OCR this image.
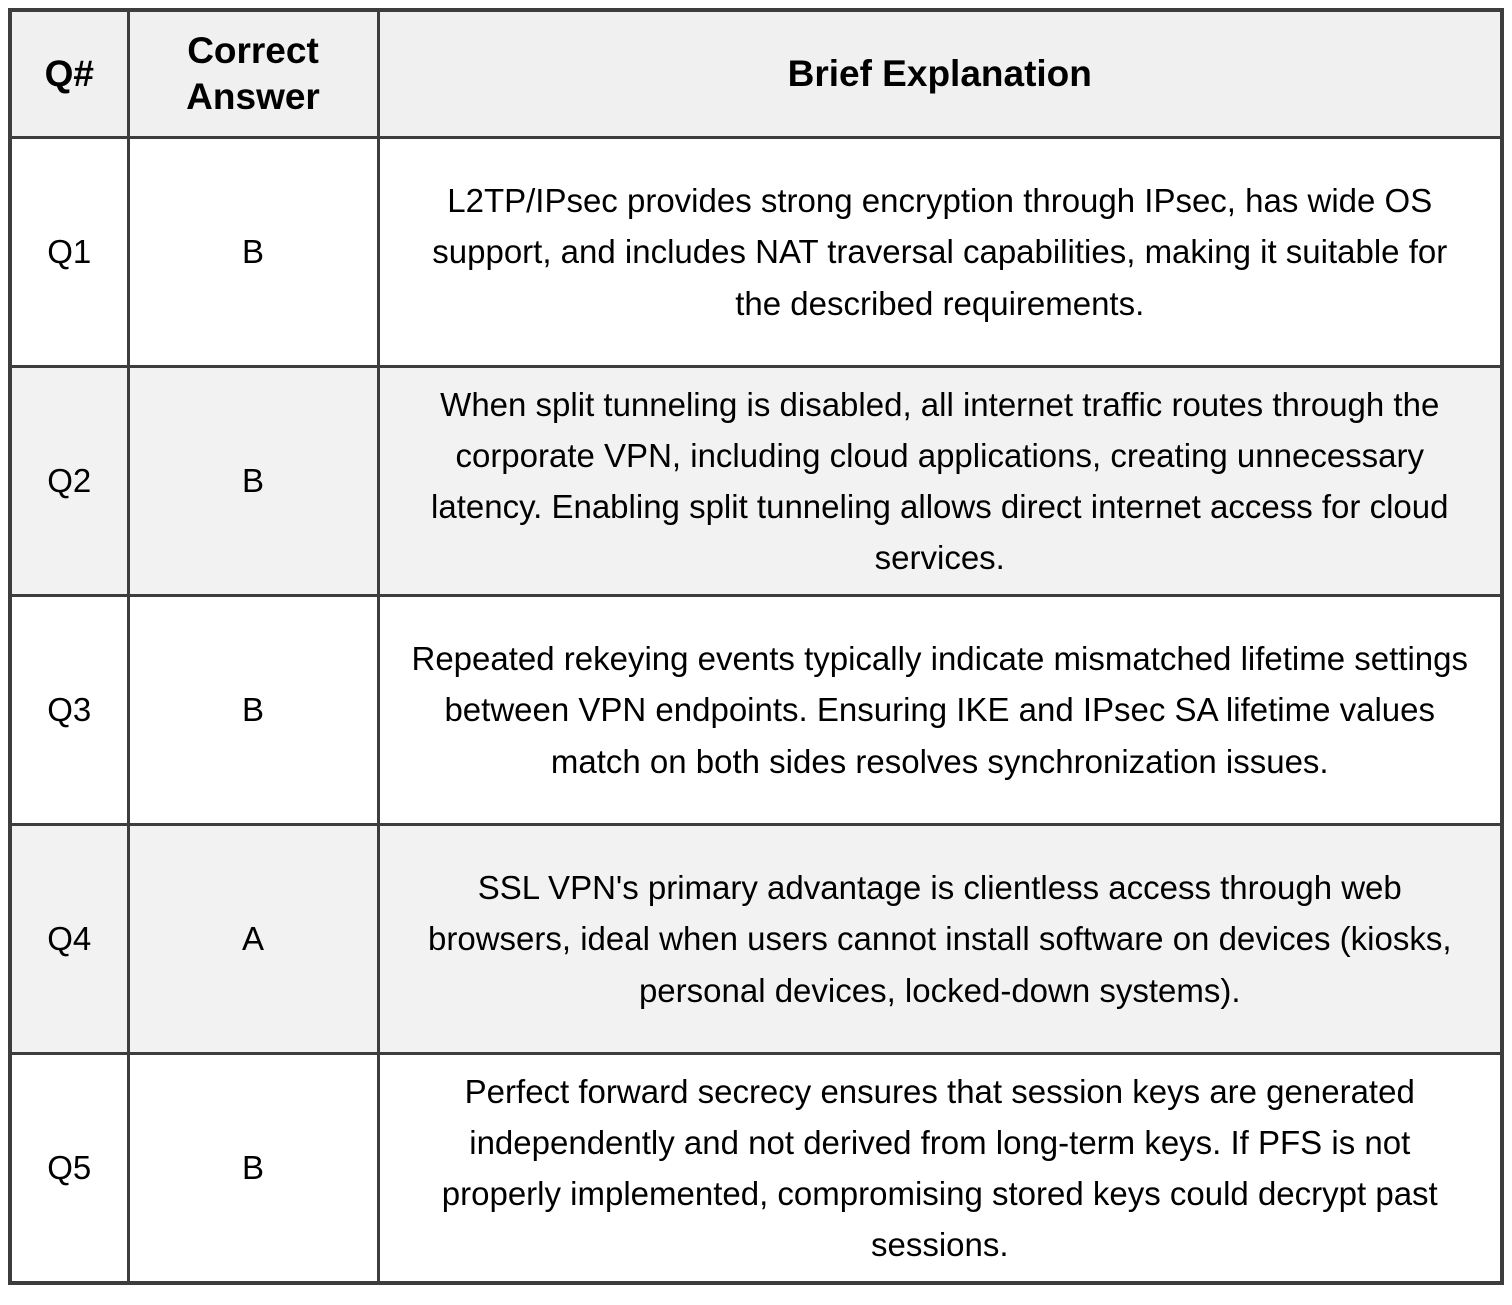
Q#	Correct Answer	Brief Explanation
Q1	B	L2TP/IPsec provides strong encryption through IPsec, has wide OS support, and includes NAT traversal capabilities, making it suitable for the described requirements.
Q2	B	When split tunneling is disabled, all internet traffic routes through the corporate VPN, including cloud applications, creating unnecessary latency. Enabling split tunneling allows direct internet access for cloud services.
Q3	B	Repeated rekeying events typically indicate mismatched lifetime settings between VPN endpoints. Ensuring IKE and IPsec SA lifetime values match on both sides resolves synchronization issues.
Q4	A	SSL VPN's primary advantage is clientless access through web browsers, ideal when users cannot install software on devices (kiosks, personal devices, locked-down systems).
Q5	B	Perfect forward secrecy ensures that session keys are generated independently and not derived from long-term keys. If PFS is not properly implemented, compromising stored keys could decrypt past sessions.
